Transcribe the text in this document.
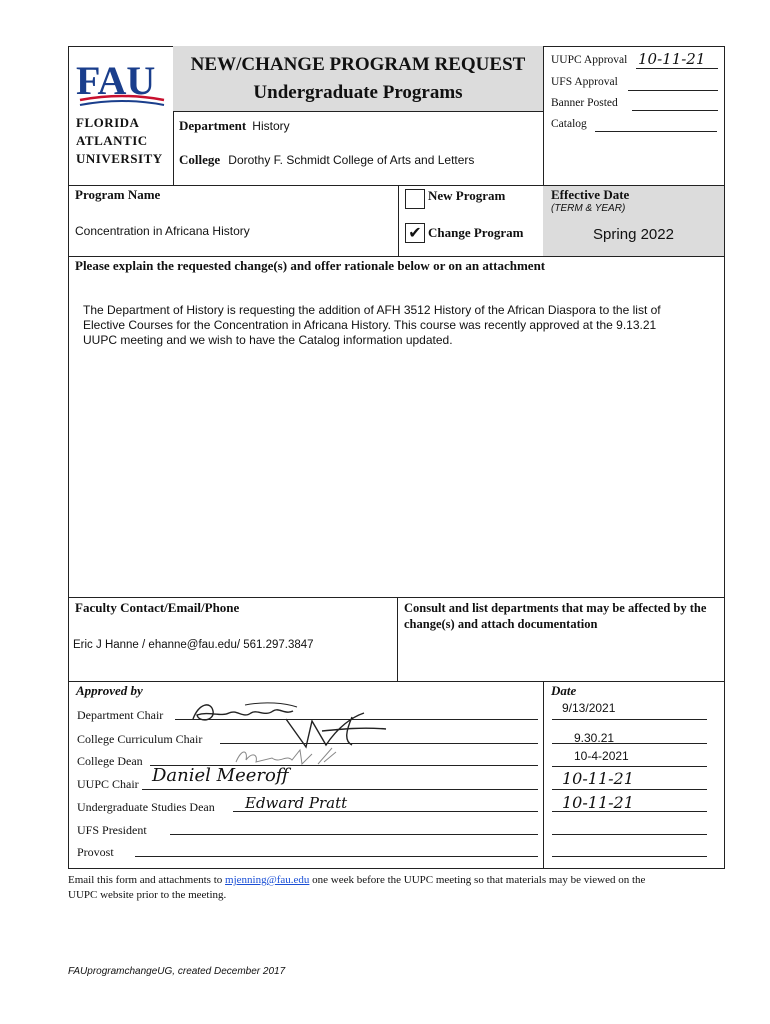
FAU
FLORIDA
ATLANTIC
UNIVERSITY
NEW/CHANGE PROGRAM REQUEST
Undergraduate Programs
Department History
College Dorothy F. Schmidt College of Arts and Letters
UUPC Approval 10-11-21
UFS Approval
Banner Posted
Catalog
Program Name
Concentration in Africana History
New Program
✔ Change Program
Effective Date
(TERM & YEAR)
Spring 2022
Please explain the requested change(s) and offer rationale below or on an attachment
The Department of History is requesting the addition of AFH 3512 History of the African Diaspora to the list of
Elective Courses for the Concentration in Africana History. This course was recently approved at the 9.13.21
UUPC meeting and we wish to have the Catalog information updated.
Faculty Contact/Email/Phone
Eric J Hanne / ehanne@fau.edu/ 561.297.3847
Consult and list departments that may be affected by the change(s) and attach documentation
Approved by	Date
Department Chair	9/13/2021
College Curriculum Chair	9.30.21
College Dean	10-4-2021
UUPC Chair Daniel Meeroff	10-11-21
Undergraduate Studies Dean Edward Pratt	10-11-21
UFS President
Provost
Email this form and attachments to mjenning@fau.edu one week before the UUPC meeting so that materials may be viewed on the
UUPC website prior to the meeting.
FAUprogramchangeUG, created December 2017
